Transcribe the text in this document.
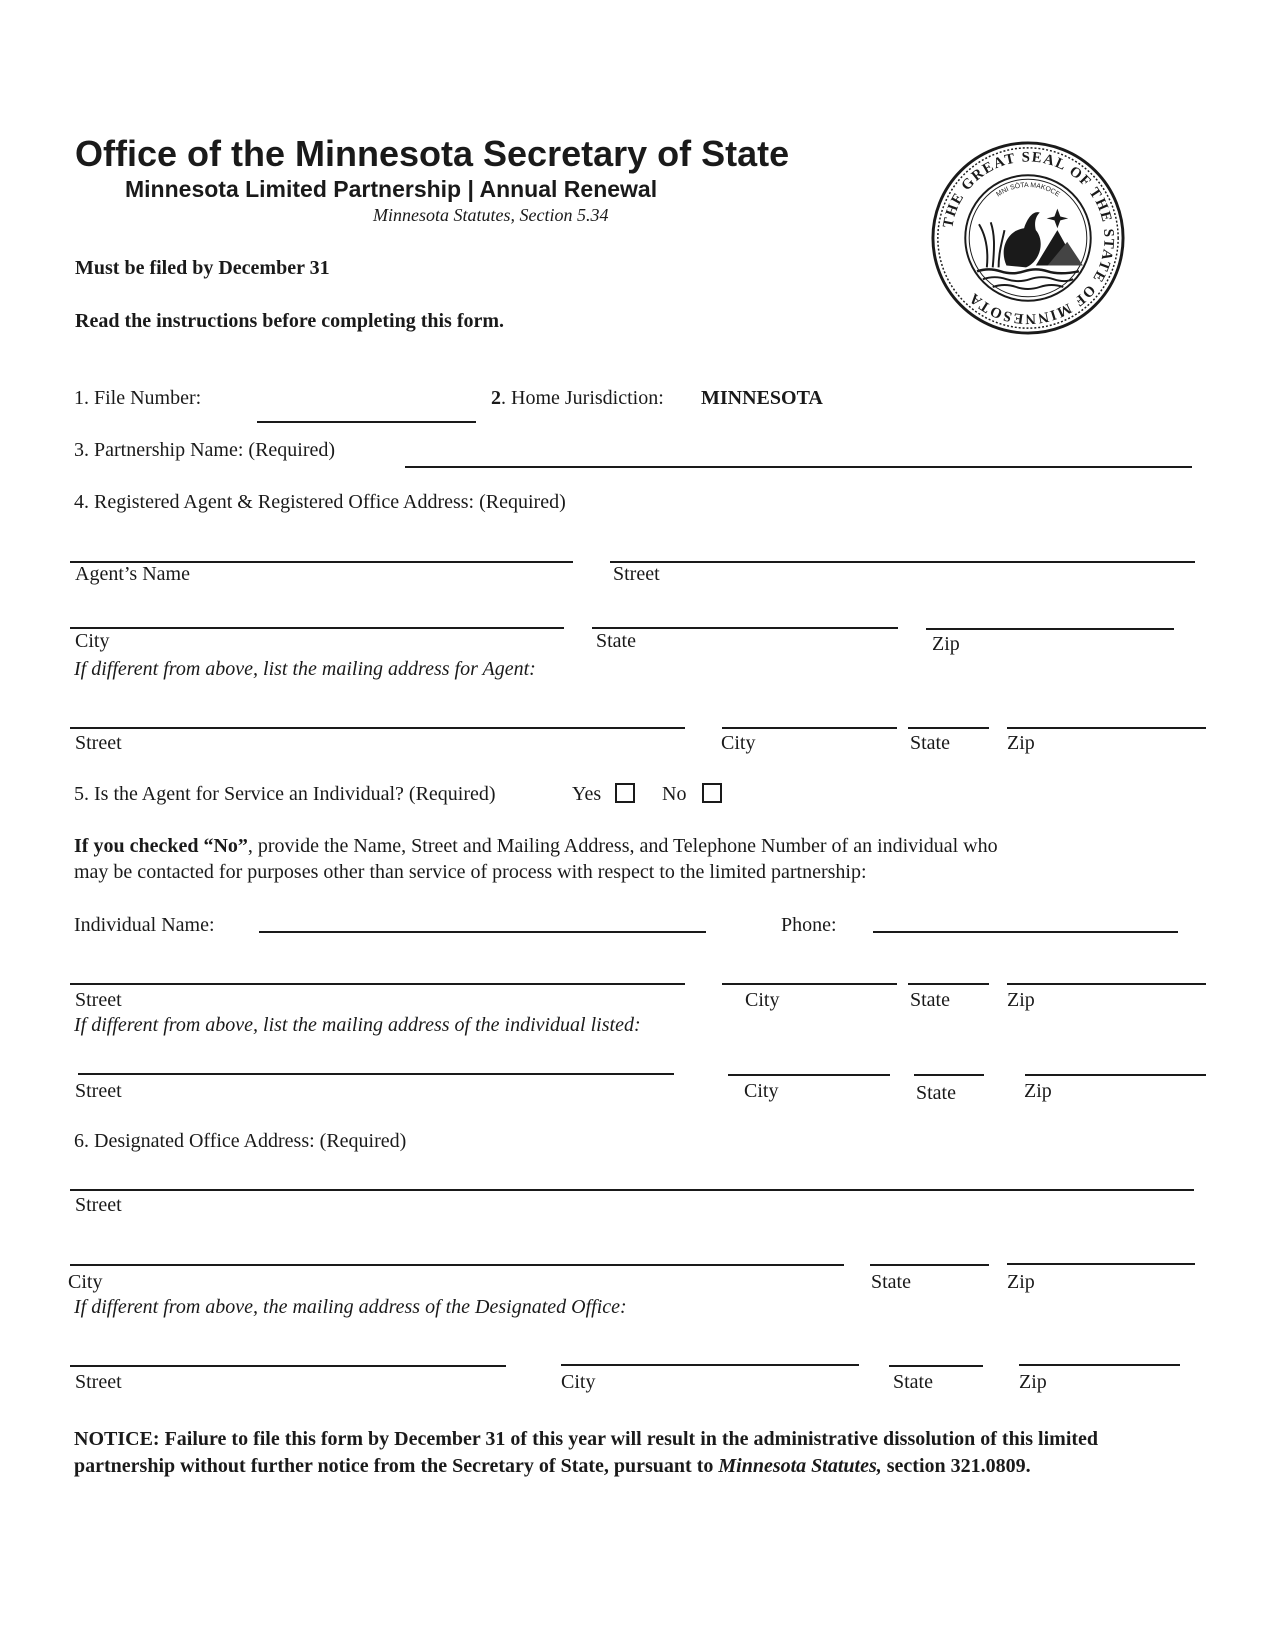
Office of the Minnesota Secretary of State
Minnesota Limited Partnership | Annual Renewal
Minnesota Statutes, Section 5.34
Must be filed by December 31
Read the instructions before completing this form.
THE GREAT SEAL OF THE STATE OF MINNESOTA
MNI SÓTA MAKOCE
1. File Number:	2. Home Jurisdiction: MINNESOTA
3. Partnership Name: (Required)
4. Registered Agent & Registered Office Address: (Required)
Agent’s Name	Street
City	State	Zip
If different from above, list the mailing address for Agent:
Street	City	State	Zip
5. Is the Agent for Service an Individual? (Required)	Yes	No
If you checked “No”, provide the Name, Street and Mailing Address, and Telephone Number of an individual who
may be contacted for purposes other than service of process with respect to the limited partnership:
Individual Name:	Phone:
Street	City	State	Zip
If different from above, list the mailing address of the individual listed:
Street	City	State	Zip
6. Designated Office Address: (Required)
Street
City	State	Zip
If different from above, the mailing address of the Designated Office:
Street	City	State	Zip
NOTICE: Failure to file this form by December 31 of this year will result in the administrative dissolution of this limited partnership without further notice from the Secretary of State, pursuant to Minnesota Statutes, section 321.0809.
